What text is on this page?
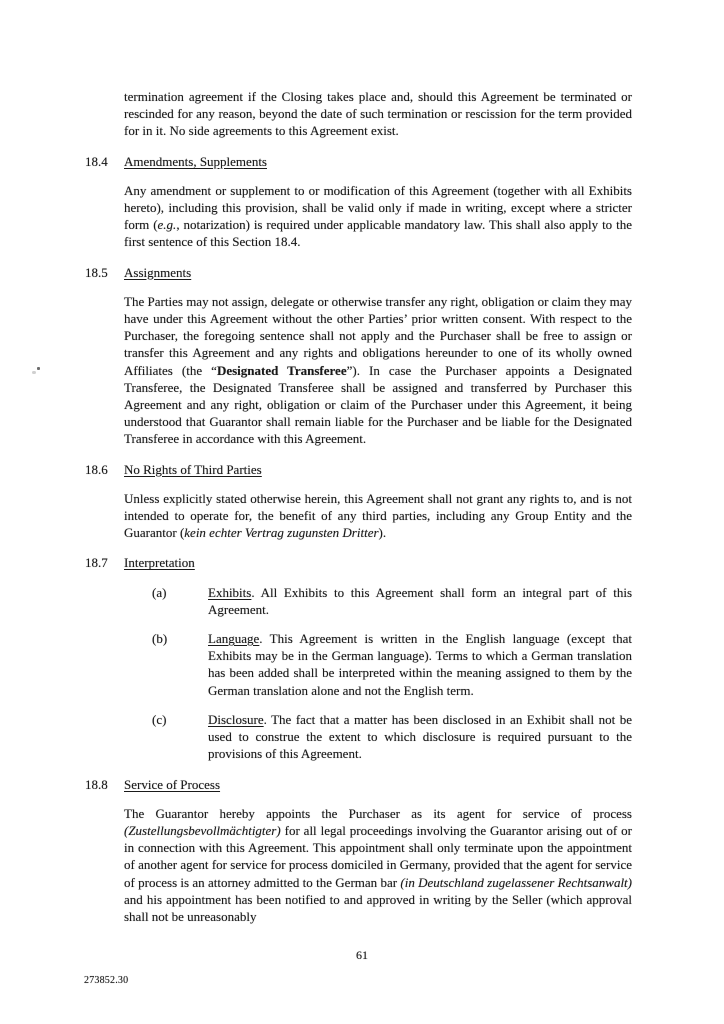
termination agreement if the Closing takes place and, should this Agreement be terminated or rescinded for any reason, beyond the date of such termination or rescission for the term provided for in it. No side agreements to this Agreement exist.

18.4	Amendments, Supplements

Any amendment or supplement to or modification of this Agreement (together with all Exhibits hereto), including this provision, shall be valid only if made in writing, except where a stricter form (e.g., notarization) is required under applicable mandatory law. This shall also apply to the first sentence of this Section 18.4.

18.5	Assignments

The Parties may not assign, delegate or otherwise transfer any right, obligation or claim they may have under this Agreement without the other Parties’ prior written consent. With respect to the Purchaser, the foregoing sentence shall not apply and the Purchaser shall be free to assign or transfer this Agreement and any rights and obligations hereunder to one of its wholly owned Affiliates (the “Designated Transferee”). In case the Purchaser appoints a Designated Transferee, the Designated Transferee shall be assigned and transferred by Purchaser this Agreement and any right, obligation or claim of the Purchaser under this Agreement, it being understood that Guarantor shall remain liable for the Purchaser and be liable for the Designated Transferee in accordance with this Agreement.

18.6	No Rights of Third Parties

Unless explicitly stated otherwise herein, this Agreement shall not grant any rights to, and is not intended to operate for, the benefit of any third parties, including any Group Entity and the Guarantor (kein echter Vertrag zugunsten Dritter).

18.7	Interpretation
(a)	Exhibits. All Exhibits to this Agreement shall form an integral part of this Agreement.
(b)	Language. This Agreement is written in the English language (except that Exhibits may be in the German language). Terms to which a German translation has been added shall be interpreted within the meaning assigned to them by the German translation alone and not the English term.
(c)	Disclosure. The fact that a matter has been disclosed in an Exhibit shall not be used to construe the extent to which disclosure is required pursuant to the provisions of this Agreement.
18.8	Service of Process

The Guarantor hereby appoints the Purchaser as its agent for service of process (Zustellungsbevollmächtigter) for all legal proceedings involving the Guarantor arising out of or in connection with this Agreement. This appointment shall only terminate upon the appointment of another agent for service for process domiciled in Germany, provided that the agent for service of process is an attorney admitted to the German bar (in Deutschland zugelassener Rechtsanwalt) and his appointment has been notified to and approved in writing by the Seller (which approval shall not be unreasonably

61
273852.30
